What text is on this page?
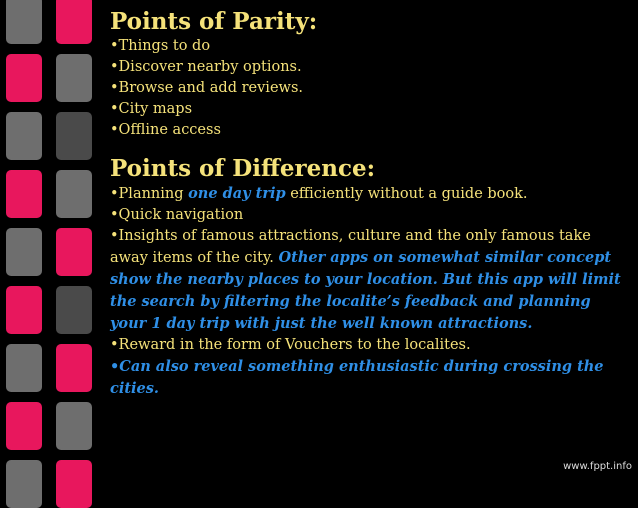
Points of Parity:

•Things to do

•Discover nearby options.

•Browse and add reviews.

•City maps

•Offline access

Points of Difference:

•Planning one day trip efficiently without a guide book.

•Quick navigation

•Insights of famous attractions, culture and the only famous take away items of the city. Other apps on somewhat similar concept show the nearby places to your location. But this app will limit the search by filtering the localite’s feedback and planning your 1 day trip with just the well known attractions.

•Reward in the form of Vouchers to the localites.

•Can also reveal something enthusiastic during crossing the cities.

www.fppt.info
